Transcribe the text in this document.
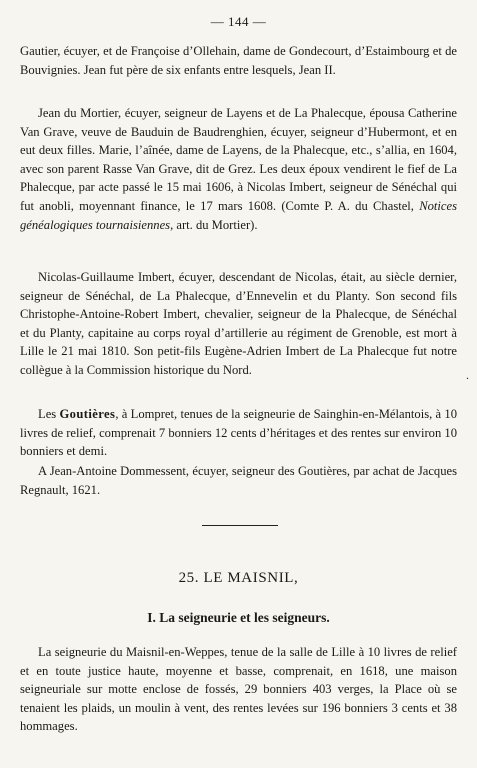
— 144 —

Gautier, écuyer, et de Françoise d’Ollehain, dame de Gondecourt, d’Estaimbourg et de Bouvignies. Jean fut père de six enfants entre lesquels, Jean II.

Jean du Mortier, écuyer, seigneur de Layens et de La Phalecque, épousa Catherine Van Grave, veuve de Bauduin de Baudrenghien, écuyer, seigneur d’Hubermont, et en eut deux filles. Marie, l’aînée, dame de Layens, de la Phalecque, etc., s’allia, en 1604, avec son parent Rasse Van Grave, dit de Grez. Les deux époux vendirent le fief de La Phalecque, par acte passé le 15 mai 1606, à Nicolas Imbert, seigneur de Sénéchal qui fut anobli, moyennant finance, le 17 mars 1608. (Comte P. A. du Chastel, Notices généalogiques tournaisiennes, art. du Mortier).

Nicolas-Guillaume Imbert, écuyer, descendant de Nicolas, était, au siècle dernier, seigneur de Sénéchal, de La Phalecque, d’Ennevelin et du Planty. Son second fils Christophe-Antoine-Robert Imbert, chevalier, seigneur de la Phalecque, de Sénéchal et du Planty, capitaine au corps royal d’artillerie au régiment de Grenoble, est mort à Lille le 21 mai 1810. Son petit-fils Eugène-Adrien Imbert de La Phalecque fut notre collègue à la Commission historique du Nord.	.

Les Goutières, à Lompret, tenues de la seigneurie de Sainghin-en-Mélantois, à 10 livres de relief, comprenait 7 bonniers 12 cents d’héritages et des rentes sur environ 10 bonniers et demi.

A Jean-Antoine Dommessent, écuyer, seigneur des Goutières, par achat de Jacques Regnault, 1621.

25. LE MAISNIL,
I. La seigneurie et les seigneurs.

La seigneurie du Maisnil-en-Weppes, tenue de la salle de Lille à 10 livres de relief et en toute justice haute, moyenne et basse, comprenait, en 1618, une maison seigneuriale sur motte enclose de fossés, 29 bonniers 403 verges, la Place où se tenaient les plaids, un moulin à vent, des rentes levées sur 196 bonniers 3 cents et 38 hommages.
